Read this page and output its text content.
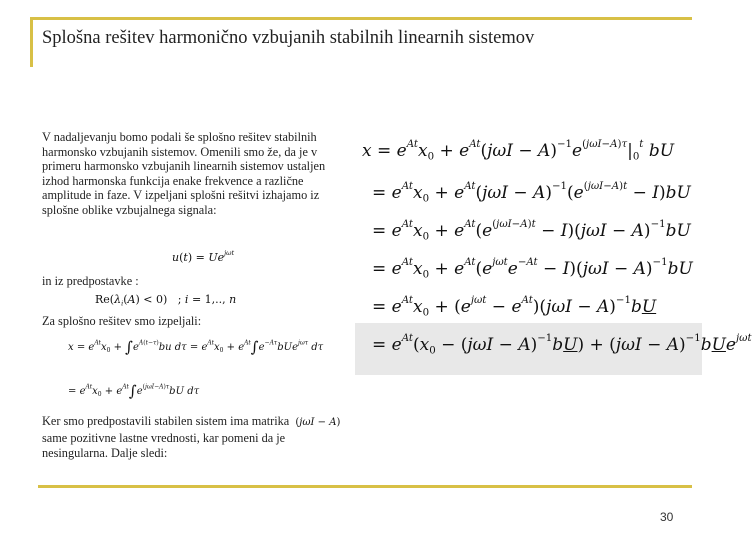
Splošna rešitev harmonično vzbujanih stabilnih linearnih sistemov
V nadaljevanju bomo podali še splošno rešitev stabilnih harmonsko vzbujanih sistemov. Omenili smo že, da je v primeru harmonsko vzbujanih linearnih sistemov ustaljen izhod harmonska funkcija enake frekvence a različne amplitude in faze. V izpeljani splošni rešitvi izhajamo iz splošne oblike vzbujalnega signala:
$u(t) = Ue^{j\omega t}$
in iz predpostavke :
$Re(\lambda_i(A) < 0)$   ; i = 1,.., n
Za splošno rešitev smo izpeljali:
$x = e^{At}x_0 + \int e^{A(t-\tau)}bu$ $d\tau = e^{At}x_0 + e^{At}\int e^{-A\tau}bUe^{j\omega\tau}$ dτ
= $e^{At}x_0 + e^{At}\int e^{(j\omega I-A)\tau}bU$ dτ
Ker smo predpostavili stabilen sistem ima matrika (jωI − A)
same pozitivne lastne vrednosti, kar pomeni da je nesingularna. Dalje sledi:
$x = e^{At}x_0 + e^{At}(j\omega I - A)^{-1}e^{(j\omega I-A)\tau}|_0^t$ bU
= $e^{At}x_0 + e^{At}(j\omega I - A)^{-1}(e^{(j\omega I-A)t} - I)bU$
= $e^{At}x_0 + e^{At}(e^{(j\omega I-A)t} - I)(j\omega I - A)^{-1}bU$
= $e^{At}x_0 + e^{At}(e^{j\omega t}e^{-At} - I)(j\omega I - A)^{-1}bU$
= $e^{At}x_0 + (e^{j\omega t} - e^{At})(j\omega I - A)^{-1}bU$
= $e^{At}(x_0 - (j\omega I - A)^{-1}bU) + (j\omega I - A)^{-1}bUe^{j\omega t}$
30
